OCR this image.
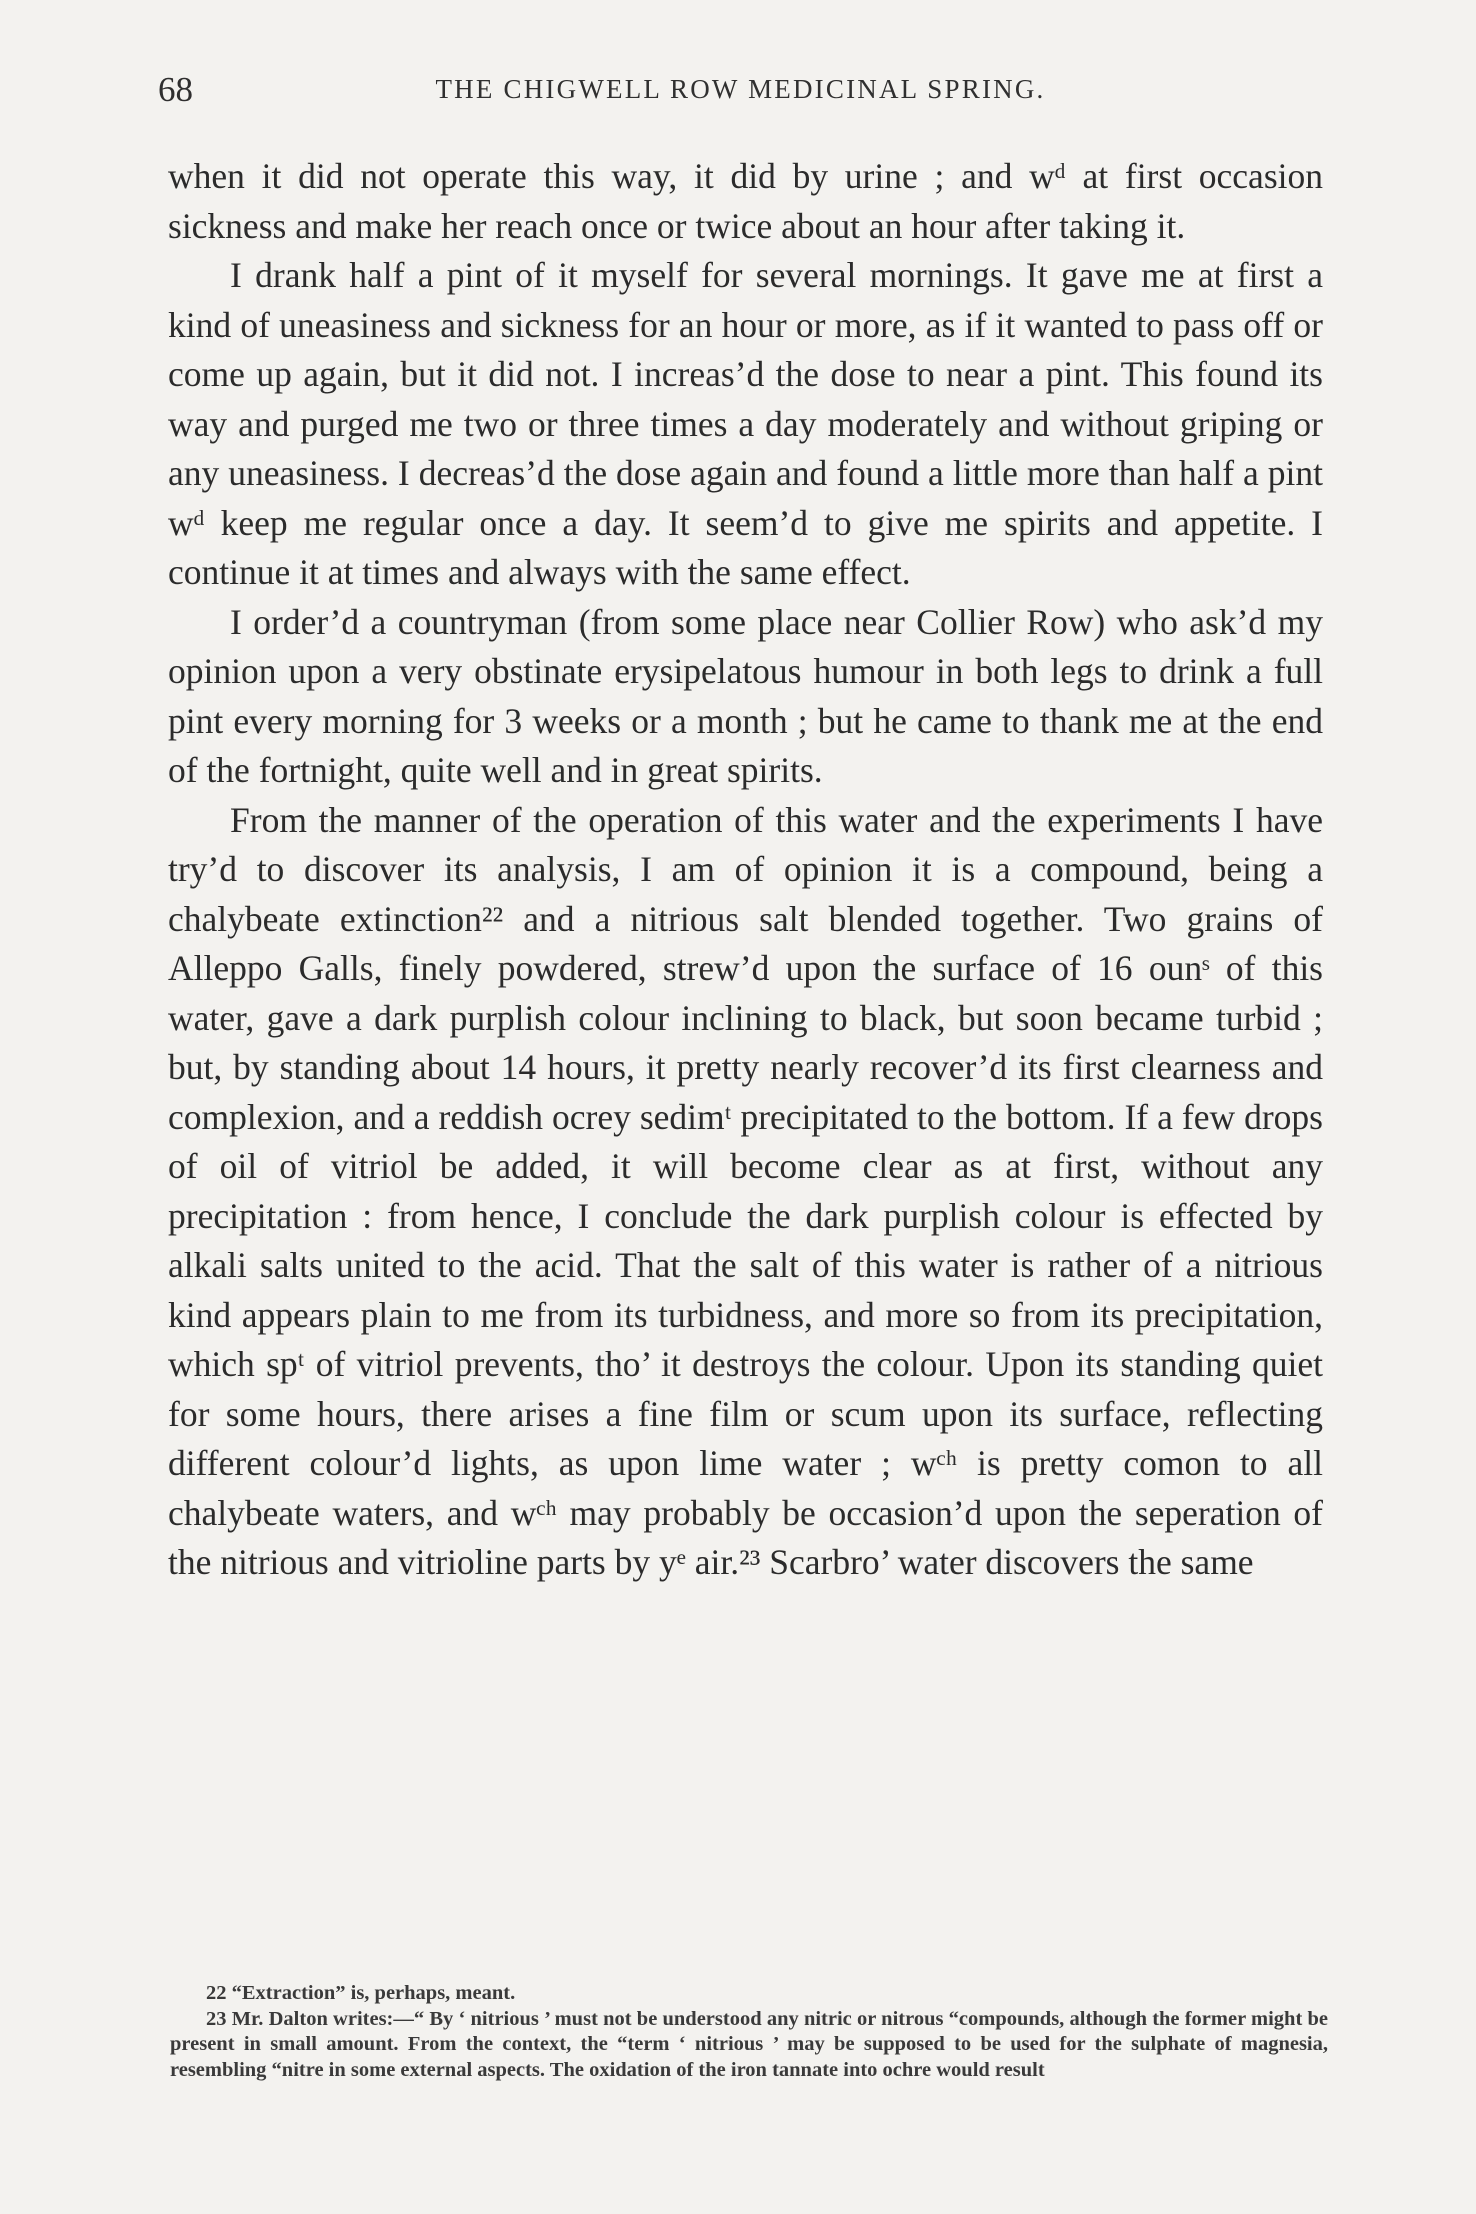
68	THE CHIGWELL ROW MEDICINAL SPRING.

when it did not operate this way, it did by urine ; and wᵈ at first occasion sickness and make her reach once or twice about an hour after taking it.

I drank half a pint of it myself for several mornings. It gave me at first a kind of uneasiness and sickness for an hour or more, as if it wanted to pass off or come up again, but it did not. I increas’d the dose to near a pint. This found its way and purged me two or three times a day moderately and without griping or any uneasiness. I decreas’d the dose again and found a little more than half a pint wᵈ keep me regular once a day. It seem’d to give me spirits and appetite. I continue it at times and always with the same effect.

I order’d a countryman (from some place near Collier Row) who ask’d my opinion upon a very obstinate erysipelatous humour in both legs to drink a full pint every morning for 3 weeks or a month ; but he came to thank me at the end of the fortnight, quite well and in great spirits.

From the manner of the operation of this water and the experiments I have try’d to discover its analysis, I am of opinion it is a compound, being a chalybeate extinction²² and a nitrious salt blended together. Two grains of Alleppo Galls, finely powdered, strew’d upon the surface of 16 ounˢ of this water, gave a dark purplish colour inclining to black, but soon became turbid ; but, by standing about 14 hours, it pretty nearly recover’d its first clearness and complexion, and a reddish ocrey sedimᵗ precipitated to the bottom. If a few drops of oil of vitriol be added, it will become clear as at first, without any precipitation : from hence, I conclude the dark purplish colour is effected by alkali salts united to the acid. That the salt of this water is rather of a nitrious kind appears plain to me from its turbidness, and more so from its precipitation, which spᵗ of vitriol prevents, tho’ it destroys the colour. Upon its standing quiet for some hours, there arises a fine film or scum upon its surface, reflecting different colour’d lights, as upon lime water ; wᶜʰ is pretty comon to all chalybeate waters, and wᶜʰ may probably be occasion’d upon the seperation of the nitrious and vitrioline parts by yᵉ air.²³ Scarbro’ water discovers the same

22 “Extraction” is, perhaps, meant.

23 Mr. Dalton writes:—“ By ‘ nitrious ’ must not be understood any nitric or nitrous “compounds, although the former might be present in small amount. From the context, the “term ‘ nitrious ’ may be supposed to be used for the sulphate of magnesia, resembling “nitre in some external aspects. The oxidation of the iron tannate into ochre would result
